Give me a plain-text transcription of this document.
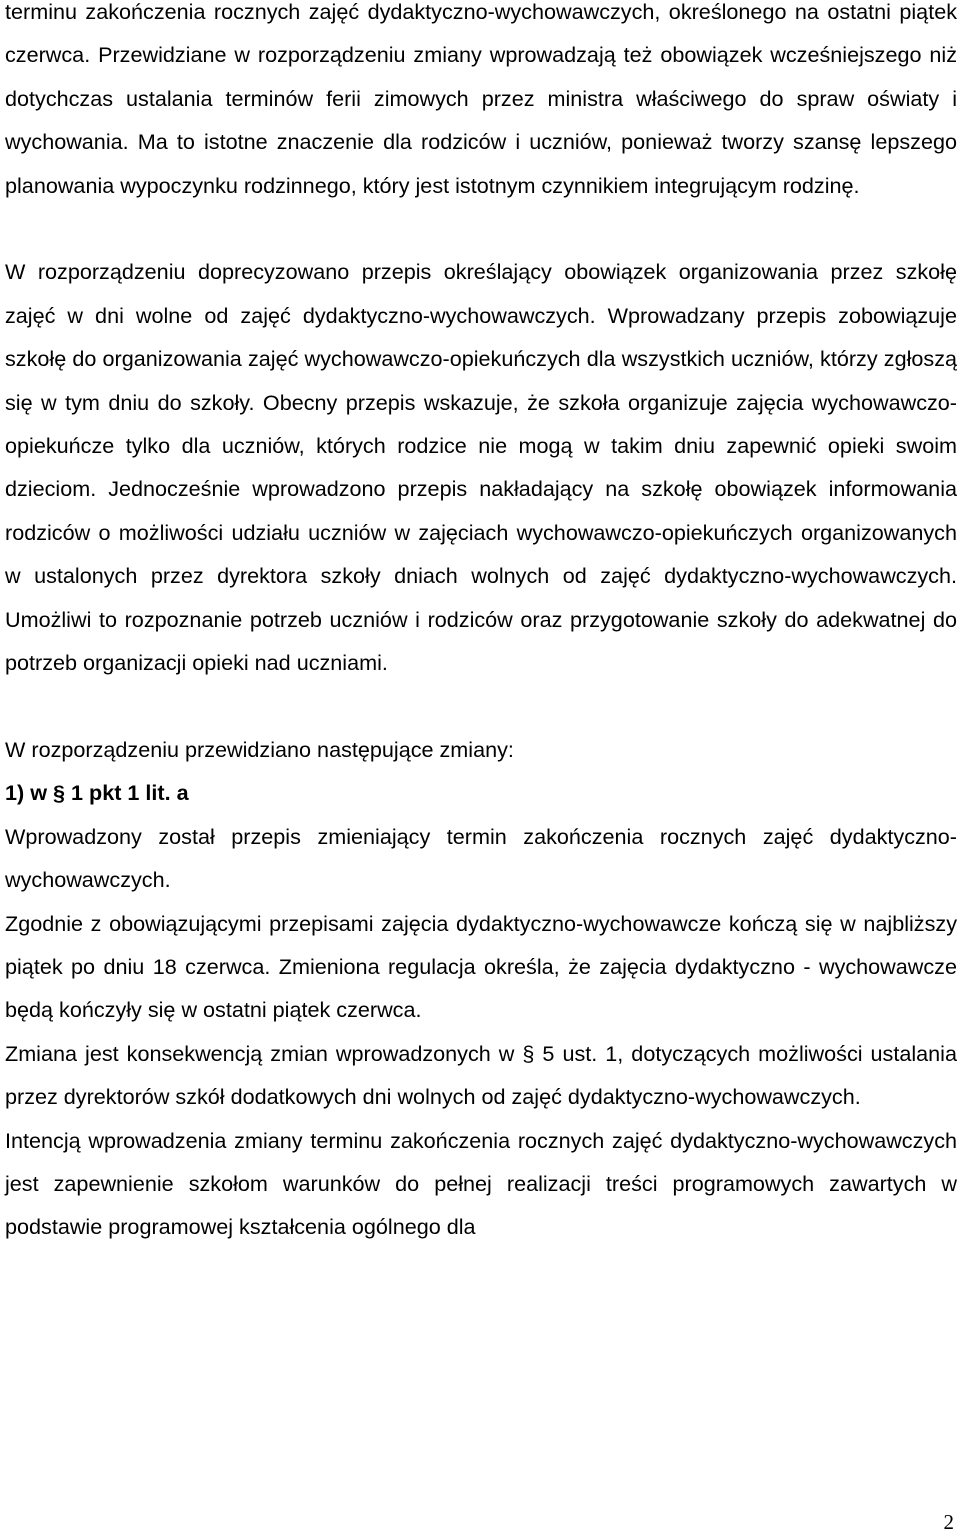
terminu zakończenia rocznych zajęć dydaktyczno-wychowawczych, określonego na ostatni piątek czerwca. Przewidziane w rozporządzeniu zmiany wprowadzają też obowiązek wcześniejszego niż dotychczas ustalania terminów ferii zimowych przez ministra właściwego do spraw oświaty i wychowania. Ma to istotne znaczenie dla rodziców i uczniów, ponieważ tworzy szansę lepszego planowania wypoczynku rodzinnego, który jest istotnym czynnikiem integrującym rodzinę.

W rozporządzeniu doprecyzowano przepis określający obowiązek organizowania przez szkołę zajęć w dni wolne od zajęć dydaktyczno-wychowawczych. Wprowadzany przepis zobowiązuje szkołę do organizowania zajęć wychowawczo-opiekuńczych dla wszystkich uczniów, którzy zgłoszą się w tym dniu do szkoły. Obecny przepis wskazuje, że szkoła organizuje zajęcia wychowawczo-opiekuńcze tylko dla uczniów, których rodzice nie mogą w takim dniu zapewnić opieki swoim dzieciom. Jednocześnie wprowadzono przepis nakładający na szkołę obowiązek informowania rodziców o możliwości udziału uczniów w zajęciach wychowawczo-opiekuńczych organizowanych w ustalonych przez dyrektora szkoły dniach wolnych od zajęć dydaktyczno-wychowawczych. Umożliwi to rozpoznanie potrzeb uczniów i rodziców oraz przygotowanie szkoły do adekwatnej do potrzeb organizacji opieki nad uczniami.

W rozporządzeniu przewidziano następujące zmiany:

1) w § 1 pkt 1 lit. a

Wprowadzony został przepis zmieniający termin zakończenia rocznych zajęć dydaktyczno-wychowawczych.

Zgodnie z obowiązującymi przepisami zajęcia dydaktyczno-wychowawcze kończą się w najbliższy piątek po dniu 18 czerwca. Zmieniona regulacja określa, że zajęcia dydaktyczno - wychowawcze będą kończyły się w ostatni piątek czerwca.

Zmiana jest konsekwencją zmian wprowadzonych w § 5 ust. 1, dotyczących możliwości ustalania przez dyrektorów szkół dodatkowych dni wolnych od zajęć dydaktyczno-wychowawczych.

Intencją wprowadzenia zmiany terminu zakończenia rocznych zajęć dydaktyczno-wychowawczych jest zapewnienie szkołom warunków do pełnej realizacji treści programowych zawartych w podstawie programowej kształcenia ogólnego dla

2
